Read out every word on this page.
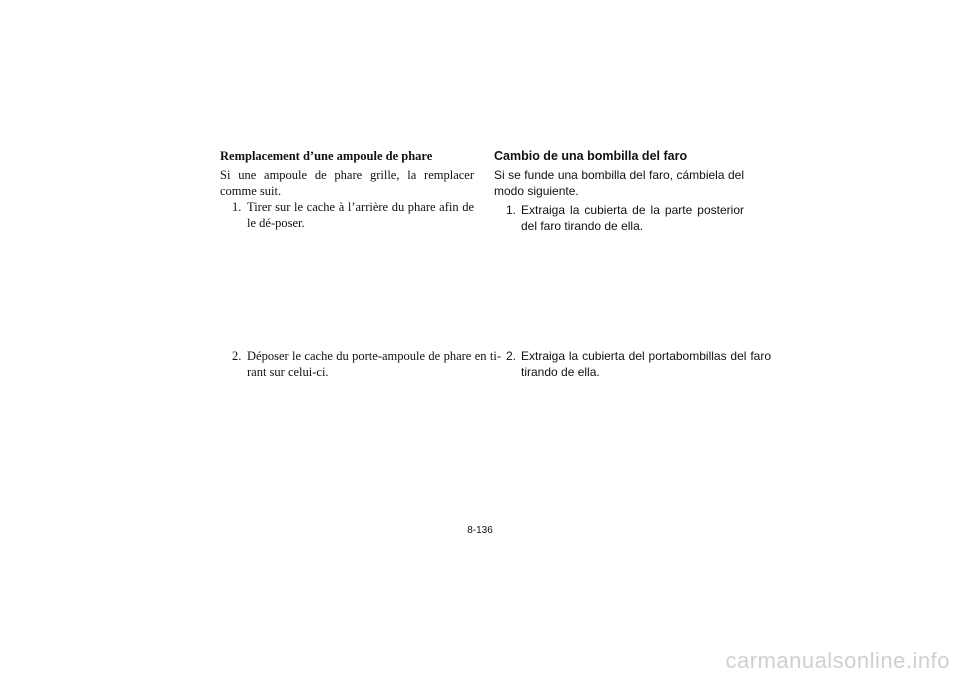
Remplacement d’une ampoule de phare

Si une ampoule de phare grille, la remplacer comme suit.

1. Tirer sur le cache à l’arrière du phare afin de le dé-poser.
2. Déposer le cache du porte-ampoule de phare en ti-rant sur celui-ci.
Cambio de una bombilla del faro

Si se funde una bombilla del faro, cámbiela del modo siguiente.

1. Extraiga la cubierta de la parte posterior del faro tirando de ella.
2. Extraiga la cubierta del portabombillas del faro tirando de ella.
8-136
carmanualsonline.info
